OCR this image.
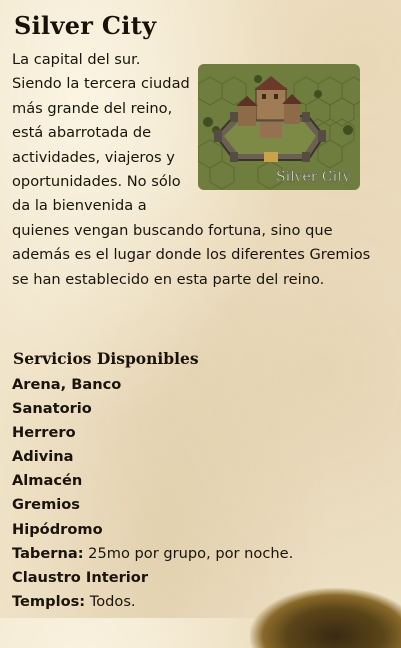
Silver City

La capital del sur. Siendo la tercera ciudad más grande del reino, está abarrotada de actividades, viajeros y oportunidades. No sólo da la bienvenida a quienes vengan buscando fortuna, sino que además es el lugar donde los diferentes Gremios se han establecido en esta parte del reino.

Silver City
Servicios Disponibles
Arena, Banco
Sanatorio
Herrero
Adivina
Almacén
Gremios
Hipódromo
Taberna: 25mo por grupo, por noche.
Claustro Interior
Templos: Todos.
